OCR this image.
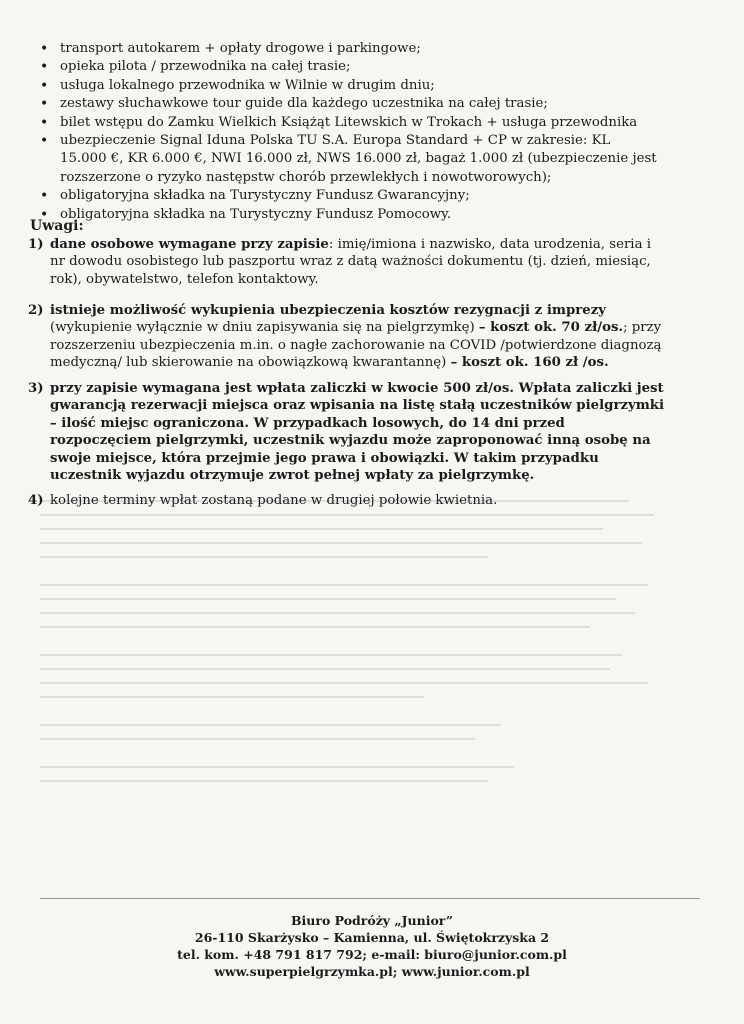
• transport autokarem + opłaty drogowe i parkingowe;
• opieka pilota / przewodnika na całej trasie;
• usługa lokalnego przewodnika w Wilnie w drugim dniu;
• zestawy słuchawkowe tour guide dla każdego uczestnika na całej trasie;
• bilet wstępu do Zamku Wielkich Książąt Litewskich w Trokach + usługa przewodnika
• ubezpieczenie Signal Iduna Polska TU S.A. Europa Standard + CP w zakresie: KL 15.000 €, KR 6.000 €, NWI 16.000 zł, NWS 16.000 zł, bagaż 1.000 zł (ubezpieczenie jest rozszerzone o ryzyko następstw chorób przewlekłych i nowotworowych);
• obligatoryjna składka na Turystyczny Fundusz Gwarancyjny;
• obligatoryjna składka na Turystyczny Fundusz Pomocowy.
Uwagi:
1) dane osobowe wymagane przy zapisie: imię/imiona i nazwisko, data urodzenia, seria i nr dowodu osobistego lub paszportu wraz z datą ważności dokumentu (tj. dzień, miesiąc, rok), obywatelstwo, telefon kontaktowy.
2) istnieje możliwość wykupienia ubezpieczenia kosztów rezygnacji z imprezy (wykupienie wyłącznie w dniu zapisywania się na pielgrzymkę) – koszt ok. 70 zł/os.; przy rozszerzeniu ubezpieczenia m.in. o nagłe zachorowanie na COVID /potwierdzone diagnozą medyczną/ lub skierowanie na obowiązkową kwarantannę) – koszt ok. 160 zł /os.
3) przy zapisie wymagana jest wpłata zaliczki w kwocie 500 zł/os. Wpłata zaliczki jest gwarancją rezerwacji miejsca oraz wpisania na listę stałą uczestników pielgrzymki – ilość miejsc ograniczona. W przypadkach losowych, do 14 dni przed rozpoczęciem pielgrzymki, uczestnik wyjazdu może zaproponować inną osobę na swoje miejsce, która przejmie jego prawa i obowiązki. W takim przypadku uczestnik wyjazdu otrzymuje zwrot pełnej wpłaty za pielgrzymkę.
4) kolejne terminy wpłat zostaną podane w drugiej połowie kwietnia.
Biuro Podróży „Junior”
26-110 Skarżysko – Kamienna, ul. Świętokrzyska 2
tel. kom. +48 791 817 792; e-mail: biuro@junior.com.pl
www.superpielgrzymka.pl; www.junior.com.pl
